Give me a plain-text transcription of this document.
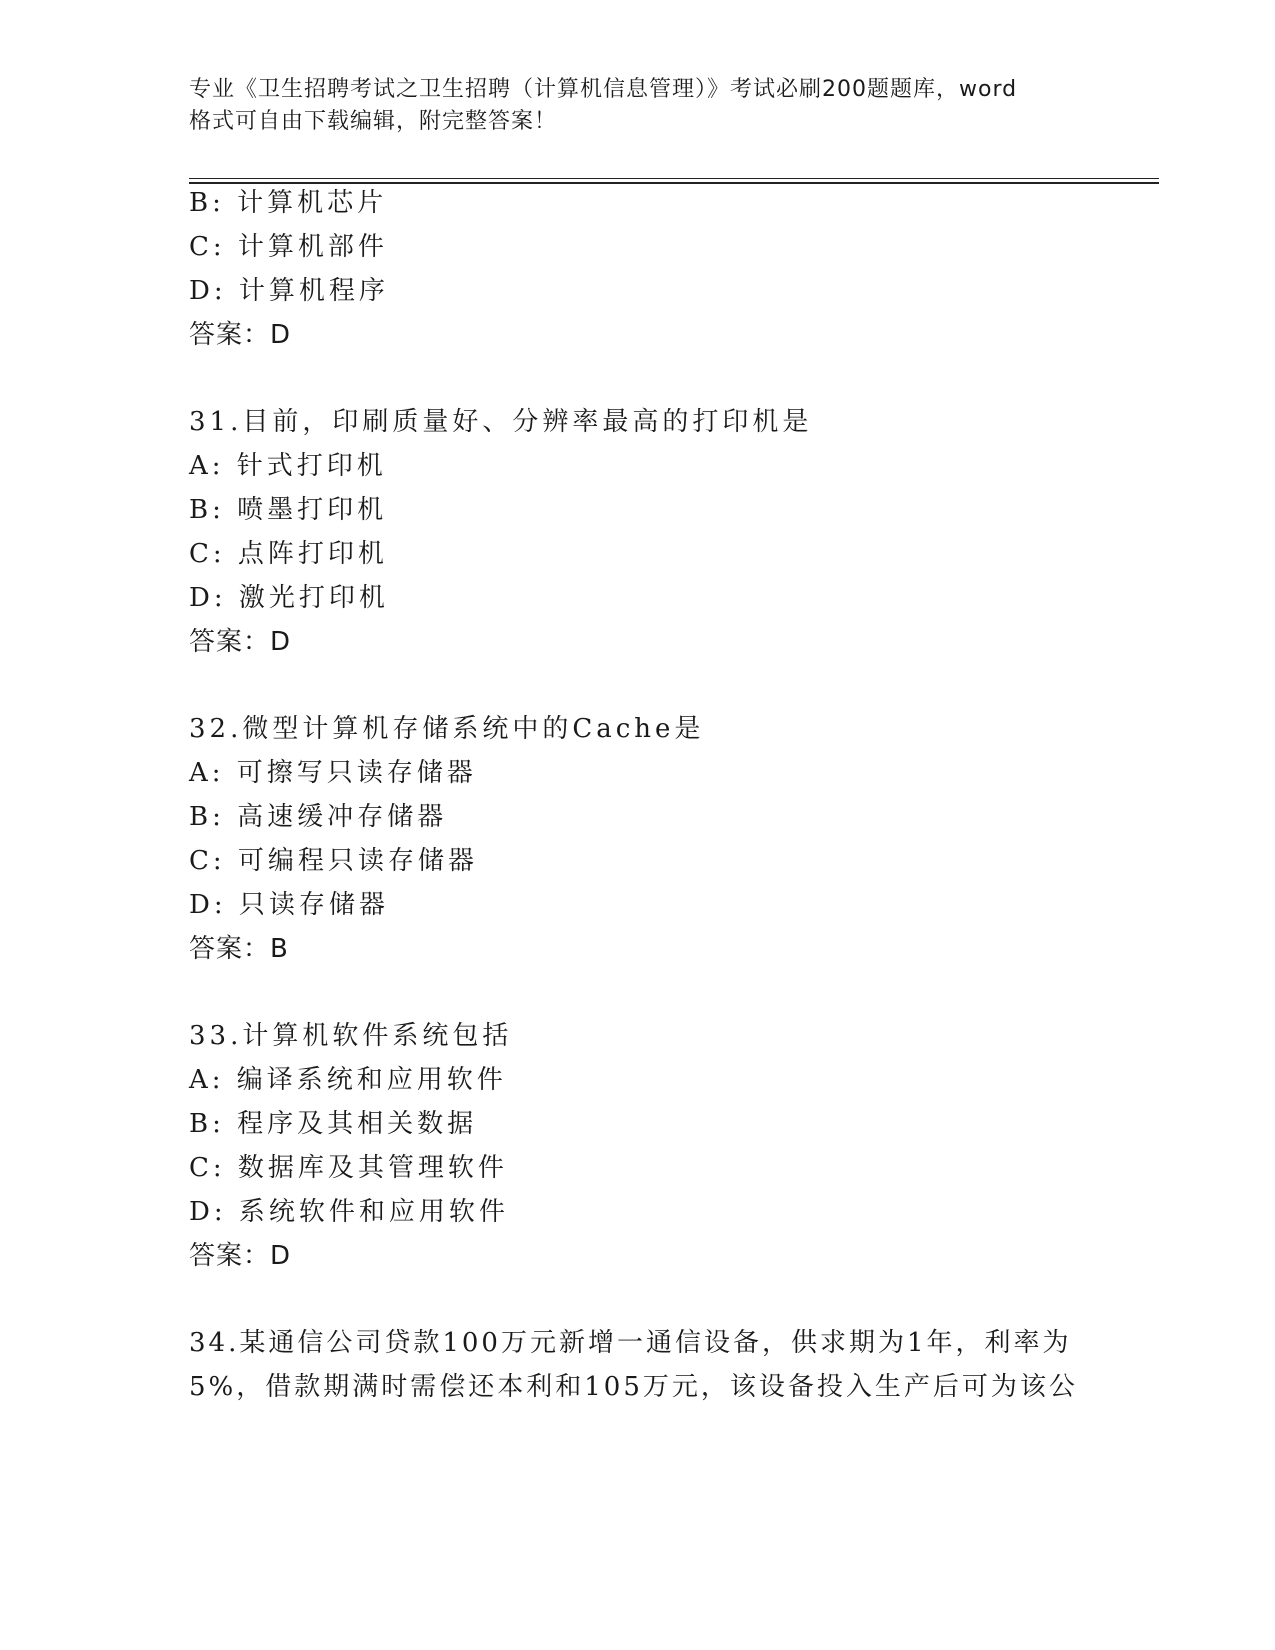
专业《卫生招聘考试之卫生招聘（计算机信息管理）》考试必刷200题题库，word
格式可自由下载编辑，附完整答案！
B: 计算机芯片
C: 计算机部件
D: 计算机程序
答案：D
31.目前，印刷质量好、分辨率最高的打印机是
A: 针式打印机
B: 喷墨打印机
C: 点阵打印机
D: 激光打印机
答案：D
32.微型计算机存储系统中的Cache是
A: 可擦写只读存储器
B: 高速缓冲存储器
C: 可编程只读存储器
D: 只读存储器
答案：B
33.计算机软件系统包括
A: 编译系统和应用软件
B: 程序及其相关数据
C: 数据库及其管理软件
D: 系统软件和应用软件
答案：D
34.某通信公司贷款100万元新增一通信设备，供求期为1年，利率为
5%，借款期满时需偿还本利和105万元，该设备投入生产后可为该公
